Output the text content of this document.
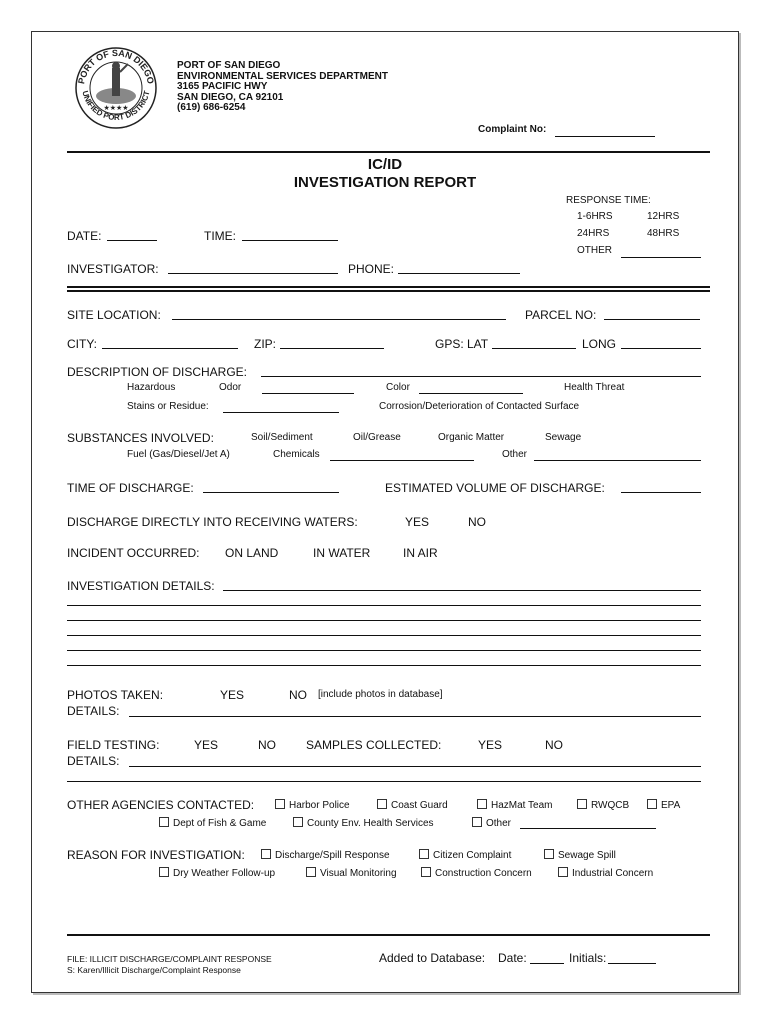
PORT OF SAN DIEGO
UNIFIED PORT DISTRICT
★★★★
PORT OF SAN DIEGO
ENVIRONMENTAL SERVICES DEPARTMENT
3165 PACIFIC HWY
SAN DIEGO, CA 92101
(619) 686-6254
Complaint No:
IC/ID
INVESTIGATION REPORT
RESPONSE TIME:
1-6HRS	12HRS
24HRS	48HRS
OTHER
DATE:	TIME:
INVESTIGATOR:	PHONE:
SITE LOCATION:	PARCEL NO:
CITY:	ZIP:	GPS: LAT	LONG
DESCRIPTION OF DISCHARGE:
Hazardous	Odor	Color	Health Threat
Stains or Residue:	Corrosion/Deterioration of Contacted Surface
SUBSTANCES INVOLVED:	Soil/Sediment	Oil/Grease	Organic Matter	Sewage
Fuel (Gas/Diesel/Jet A)	Chemicals	Other
TIME OF DISCHARGE:	ESTIMATED VOLUME OF DISCHARGE:
DISCHARGE DIRECTLY INTO RECEIVING WATERS:	YES	NO
INCIDENT OCCURRED: ON LAND	IN WATER	IN AIR
INVESTIGATION DETAILS:
PHOTOS TAKEN:	YES	NO [include photos in database]
DETAILS:
FIELD TESTING:	YES	NO	SAMPLES COLLECTED:	YES	NO
DETAILS:
OTHER AGENCIES CONTACTED:	Harbor Police	Coast Guard	HazMat Team	RWQCB	EPA
Dept of Fish & Game	County Env. Health Services	Other
REASON FOR INVESTIGATION:	Discharge/Spill Response	Citizen Complaint	Sewage Spill
Dry Weather Follow-up	Visual Monitoring	Construction Concern	Industrial Concern
FILE: ILLICIT DISCHARGE/COMPLAINT RESPONSE
S: Karen/Illicit Discharge/Complaint Response
Added to Database: Date:	Initials:
